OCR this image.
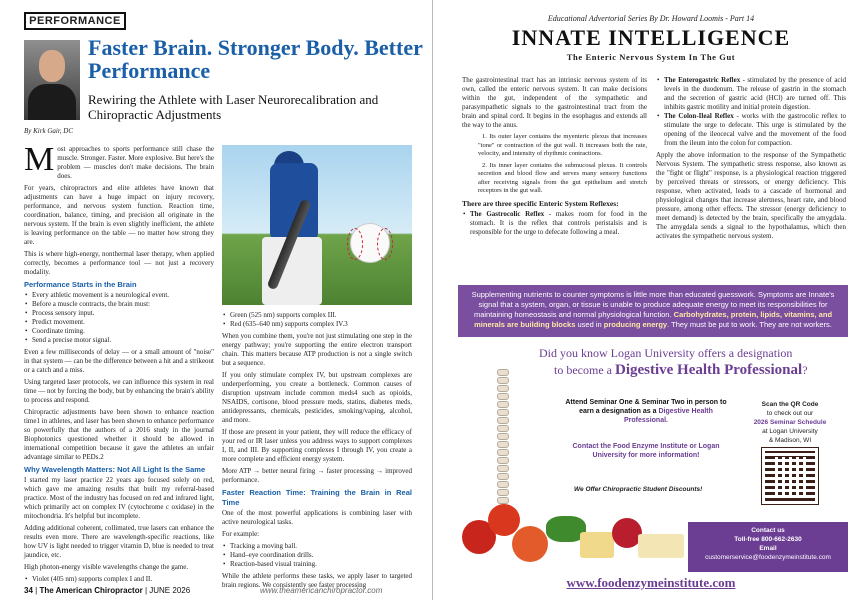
PERFORMANCE
Faster Brain. Stronger Body. Better Performance
Rewiring the Athlete with Laser Neurorecalibration and Chiropractic Adjustments
By Kirk Gair, DC

Most approaches to sports performance still chase the muscle. Stronger. Faster. More explosive. But here's the problem — muscles don't make decisions. The brain does.

For years, chiropractors and elite athletes have known that adjustments can have a huge impact on injury recovery, performance, and nervous system function. Reaction time, coordination, balance, timing, and precision all originate in the nervous system. If the brain is even slightly inefficient, the athlete is leaving performance on the table — no matter how strong they are.

This is where high-energy, nonthermal laser therapy, when applied correctly, becomes a performance tool — not just a recovery modality.

Performance Starts in the Brain
• Every athletic movement is a neurological event.
• Before a muscle contracts, the brain must:
• Process sensory input.
• Predict movement.
• Coordinate timing.
• Send a precise motor signal.

Even a few milliseconds of delay — or a small amount of "noise" in that system — can be the difference between a hit and a strikeout or a catch and a miss.

Using targeted laser protocols, we can influence this system in real time — not by forcing the body, but by enhancing the brain's ability to process and respond.

Chiropractic adjustments have been shown to enhance reaction time1 in athletes, and laser has been shown to enhance performance so powerfully that the authors of a 2016 study in the journal Biophotonics questioned whether it should be allowed in international competition because it gave the athletes an unfair advantage similar to PEDs.2

Why Wavelength Matters: Not All Light Is the Same

I started my laser practice 22 years ago focused solely on red, which gave me amazing results that built my referral-based practice. Most of the industry has focused on red and infrared light, which primarily act on complex IV (cytochrome c oxidase) in the mitochondria. It's helpful but incomplete.

Adding additional coherent, collimated, true lasers can enhance the results even more. There are wavelength-specific reactions, like how UV is light needed to trigger vitamin D, blue is needed to treat jaundice, etc.

High photon-energy visible wavelengths change the game.

• Violet (405 nm) supports complex I and II.
• Green (525 nm) supports complex III.
• Red (635–640 nm) supports complex IV.3

When you combine them, you're not just stimulating one step in the energy pathway; you're supporting the entire electron transport chain. This matters because ATP production is not a single switch but a sequence.

If you only stimulate complex IV, but upstream complexes are underperforming, you create a bottleneck. Common causes of disruption upstream include common meds4 such as opioids, NSAIDS, cortisone, blood pressure meds, statins, diabetes meds, antidepressants, chemicals, pesticides, smoking/vaping, alcohol, and more.

If those are present in your patient, they will reduce the efficacy of your red or IR laser unless you address ways to support complexes I, II, and III. By supporting complexes I through IV, you create a more complete and efficient energy system.

More ATP → better neural firing → faster processing → improved performance.

Faster Reaction Time: Training the Brain in Real Time

One of the most powerful applications is combining laser with active neurological tasks.

For example:

• Tracking a moving ball.
• Hand–eye coordination drills.
• Reaction-based visual training.

While the athlete performs these tasks, we apply laser to targeted brain regions. We consistently see faster processing

34 | The American Chiropractor | JUNE 2026	www.theamericanchiropractor.com
Educational Advertorial Series By Dr. Howard Loomis - Part 14
INNATE INTELLIGENCE
The Enteric Nervous System In The Gut

The gastrointestinal tract has an intrinsic nervous system of its own, called the enteric nervous system. It can make decisions within the gut, independent of the sympathetic and parasympathetic signals to the gastrointestinal tract from the brain and spinal cord. It begins in the esophagus and extends all the way to the anus.

1. Its outer layer contains the myenteric plexus that increases "tone" or contraction of the gut wall. It increases both the rate, velocity, and intensity of rhythmic contractions.

2. Its inner layer contains the submucosal plexus. It controls secretion and blood flow and serves many sensory functions after receiving signals from the gut epithelium and stretch receptors in the gut wall.

There are three specific Enteric System Reflexes:
• The Gastrocolic Reflex - makes room for food in the stomach. It is the reflex that controls peristalsis and is responsible for the urge to defecate following a meal.
• The Enterogastric Reflex - stimulated by the presence of acid levels in the duodenum. The release of gastrin in the stomach and the secretion of gastric acid (HCl) are turned off. This inhibits gastric motility and initial protein digestion.
• The Colon-Ileal Reflex - works with the gastrocolic reflex to stimulate the urge to defecate. This urge is stimulated by the opening of the ileocecal valve and the movement of the food from the ileum into the colon for compaction.

Apply the above information to the response of the Sympathetic Nervous System. The sympathetic stress response, also known as the "fight or flight" response, is a physiological reaction triggered by perceived threats or stressors, or energy deficiency. This response, when activated, leads to a cascade of hormonal and physiological changes that increase alertness, heart rate, and blood pressure, among other effects. The stressor (energy deficiency to meet demand) is detected by the brain, specifically the amygdala. The amygdala sends a signal to the hypothalamus, which then activates the sympathetic nervous system.

Supplementing nutrients to counter symptoms is little more than educated guesswork. Symptoms are Innate's signal that a system, organ, or tissue is unable to produce adequate energy to meet its responsibilities for maintaining homeostasis and normal physiological function. Carbohydrates, protein, lipids, vitamins, and minerals are building blocks used in producing energy. They must be put to work. They are not workers.
Did you know Logan University offers a designation
to become a Digestive Health Professional?
Attend Seminar One & Seminar Two in person to earn a designation as a Digestive Health Professional.
Contact the Food Enzyme Institute or Logan University for more information!
Scan the QR Code
to check out our
2026 Seminar Schedule
at Logan University
& Madison, WI
We Offer Chiropractic Student Discounts!
Contact us
Toll-free 800-662-2630
Email
customerservice@foodenzymeinstitute.com
www.foodenzymeinstitute.com
